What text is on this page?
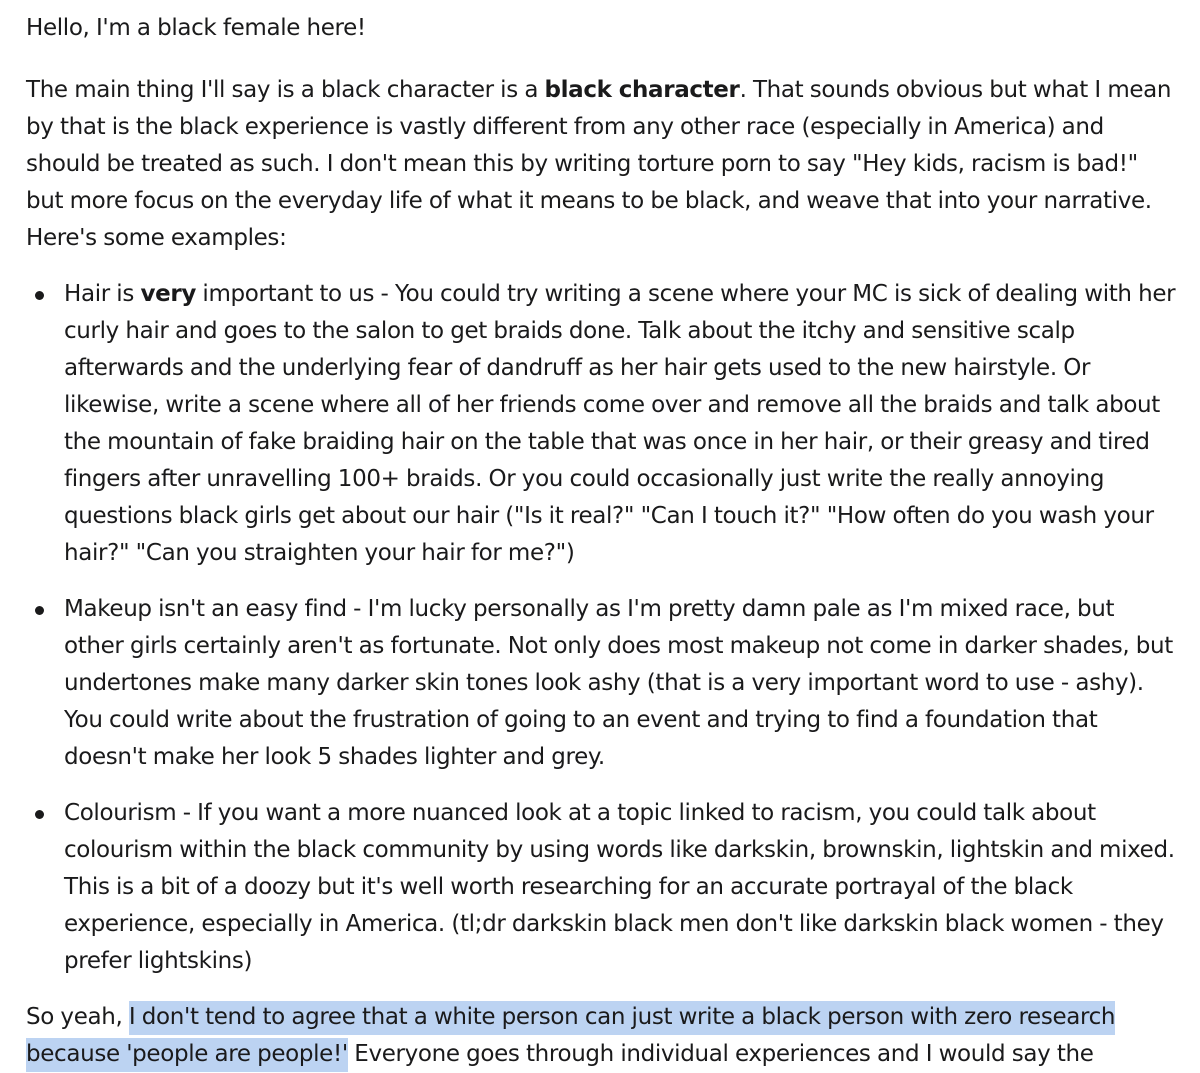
Hello, I'm a black female here!

The main thing I'll say is a black character is a black character. That sounds obvious but what I mean by that is the black experience is vastly different from any other race (especially in America) and should be treated as such. I don't mean this by writing torture porn to say "Hey kids, racism is bad!" but more focus on the everyday life of what it means to be black, and weave that into your narrative. Here's some examples:

Hair is very important to us - You could try writing a scene where your MC is sick of dealing with her curly hair and goes to the salon to get braids done. Talk about the itchy and sensitive scalp afterwards and the underlying fear of dandruff as her hair gets used to the new hairstyle. Or likewise, write a scene where all of her friends come over and remove all the braids and talk about the mountain of fake braiding hair on the table that was once in her hair, or their greasy and tired fingers after unravelling 100+ braids. Or you could occasionally just write the really annoying questions black girls get about our hair ("Is it real?" "Can I touch it?" "How often do you wash your hair?" "Can you straighten your hair for me?")
Makeup isn't an easy find - I'm lucky personally as I'm pretty damn pale as I'm mixed race, but other girls certainly aren't as fortunate. Not only does most makeup not come in darker shades, but undertones make many darker skin tones look ashy (that is a very important word to use - ashy). You could write about the frustration of going to an event and trying to find a foundation that doesn't make her look 5 shades lighter and grey.
Colourism - If you want a more nuanced look at a topic linked to racism, you could talk about colourism within the black community by using words like darkskin, brownskin, lightskin and mixed. This is a bit of a doozy but it's well worth researching for an accurate portrayal of the black experience, especially in America. (tl;dr darkskin black men don't like darkskin black women - they prefer lightskins)

So yeah, I don't tend to agree that a white person can just write a black person with zero research because 'people are people!' Everyone goes through individual experiences and I would say the
